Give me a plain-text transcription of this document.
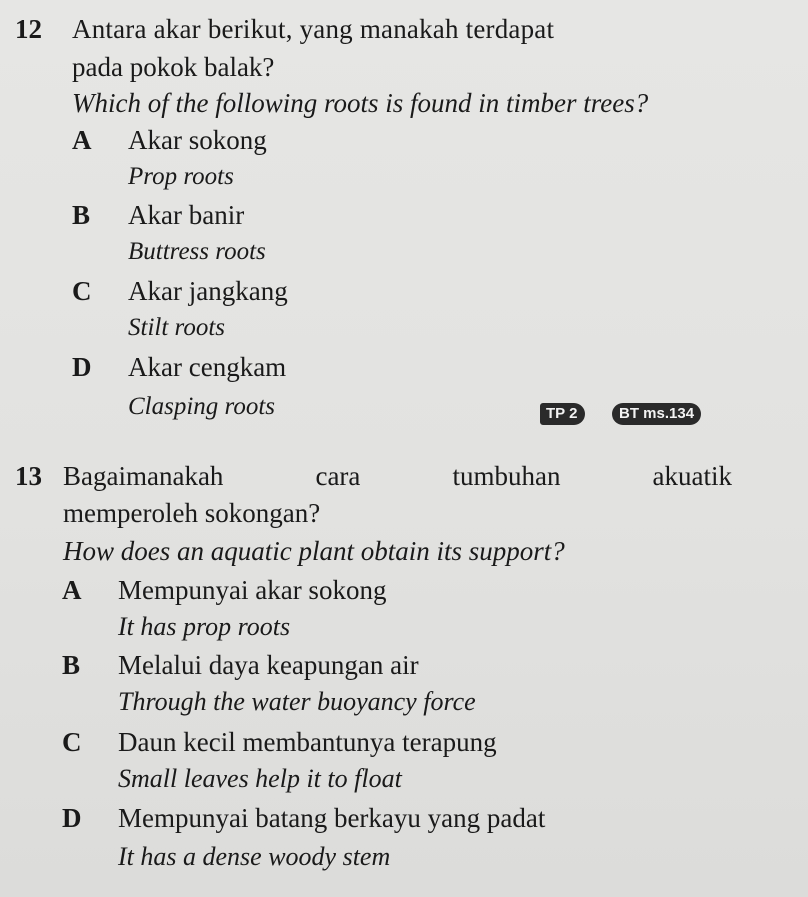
12 Antara akar berikut, yang manakah terdapat
pada pokok balak?
Which of the following roots is found in timber trees?
A Akar sokong
Prop roots
B Akar banir
Buttress roots
C Akar jangkang
Stilt roots
D Akar cengkam
Clasping roots	TP 2	BT ms.134
13 Bagaimanakah	cara	tumbuhan	akuatik
memperoleh sokongan?
How does an aquatic plant obtain its support?
A Mempunyai akar sokong
It has prop roots
B Melalui daya keapungan air
Through the water buoyancy force
C Daun kecil membantunya terapung
Small leaves help it to float
D Mempunyai batang berkayu yang padat
It has a dense woody stem
